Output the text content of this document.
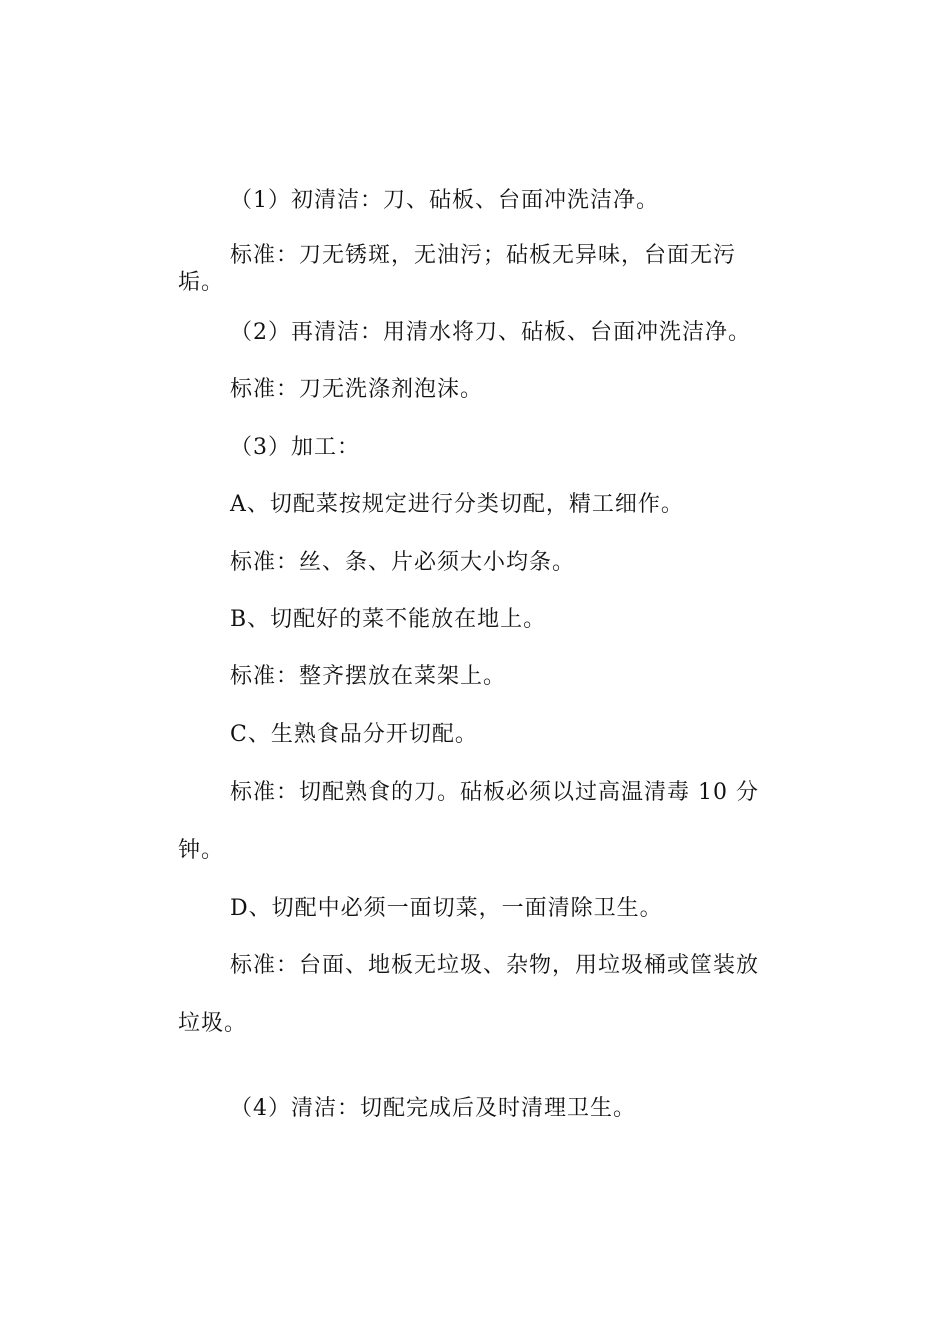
（1）初清洁：刀、砧板、台面冲洗洁净。
标准：刀无锈斑，无油污；砧板无异味，台面无污
垢。
（2）再清洁：用清水将刀、砧板、台面冲洗洁净。
标准：刀无洗涤剂泡沫。
（3）加工：
A、切配菜按规定进行分类切配，精工细作。
标准：丝、条、片必须大小均条。
B、切配好的菜不能放在地上。
标准：整齐摆放在菜架上。
C、生熟食品分开切配。
标准：切配熟食的刀。砧板必须以过高温清毒 10 分
钟。
D、切配中必须一面切菜，一面清除卫生。
标准：台面、地板无垃圾、杂物，用垃圾桶或筐装放
垃圾。
（4）清洁：切配完成后及时清理卫生。
